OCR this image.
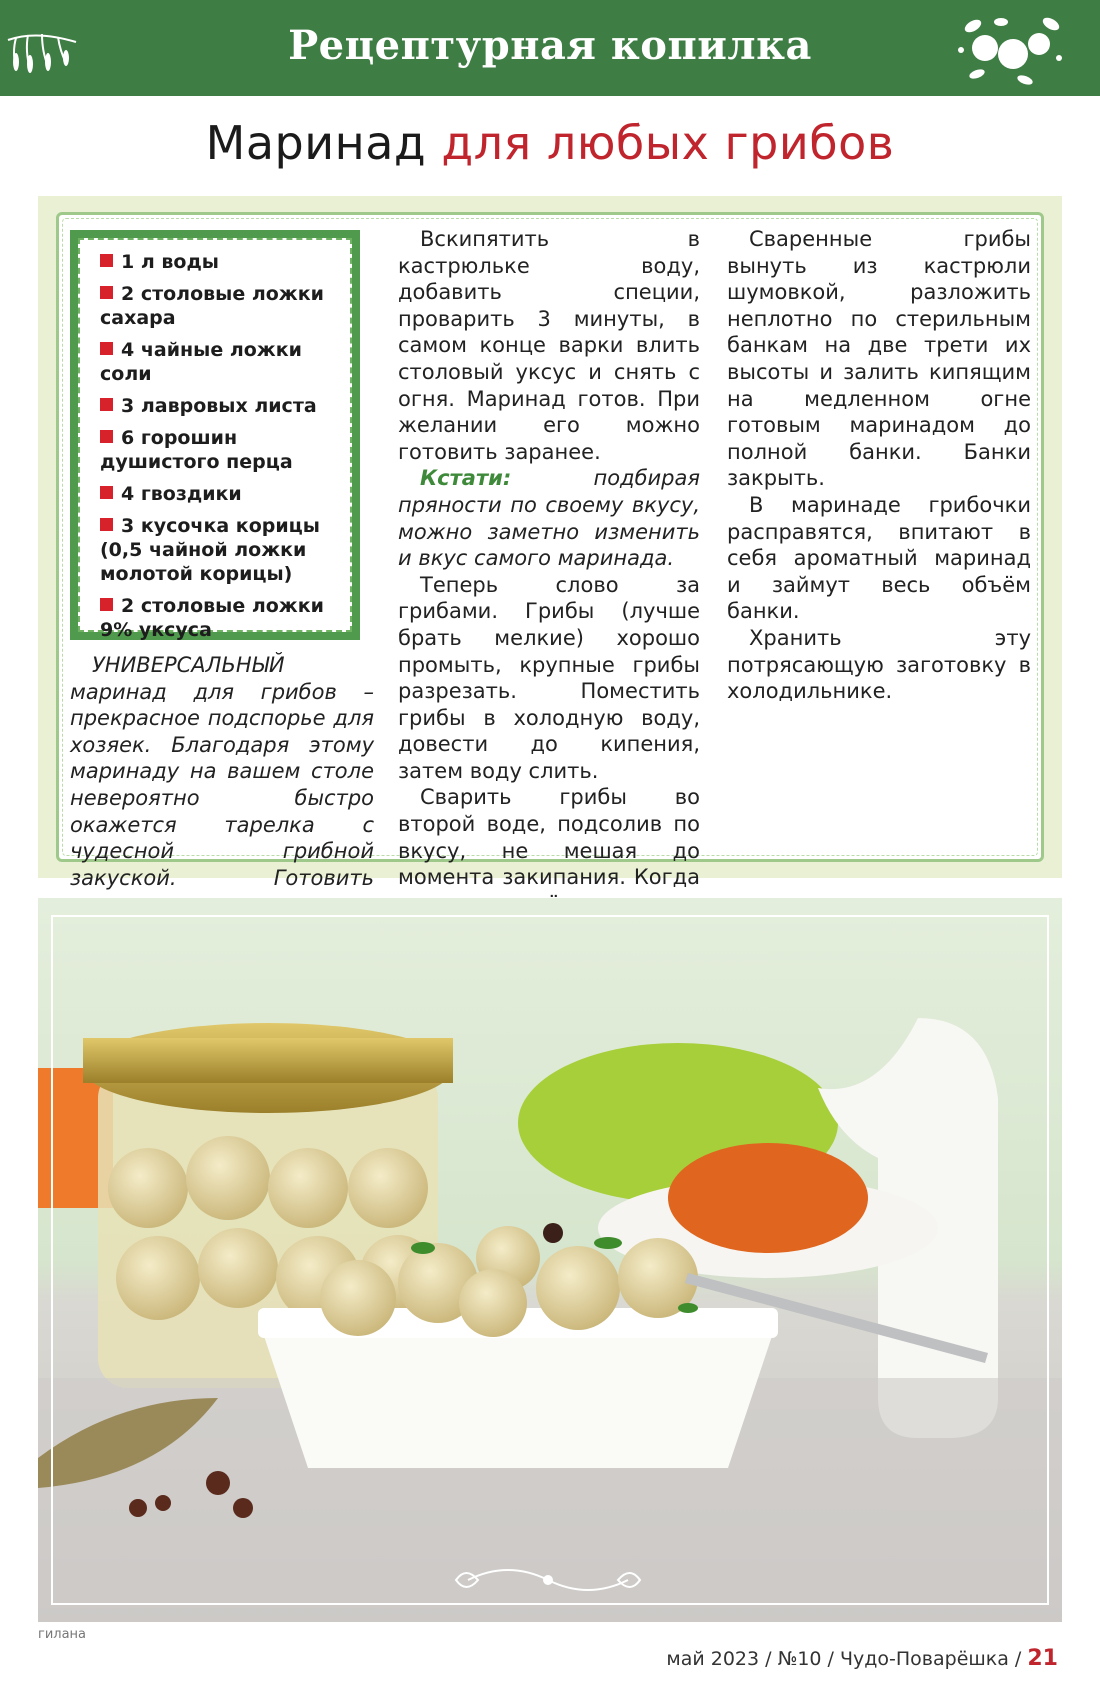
Рецептурная копилка
Маринад для любых грибов
1 л воды
2 столовые ложки сахара
4 чайные ложки соли
3 лавровых листа
6 горошин душистого перца
4 гвоздики
3 кусочка корицы (0,5 чайной ложки молотой корицы)
2 столовые ложки 9% уксуса

УНИВЕРСАЛЬНЫЙ маринад для грибов – прекрасное подспорье для хозяек. Благодаря этому маринаду на вашем столе невероятно быстро окажется тарелка с чудесной грибной закуской. Готовить

Вскипятить в кастрюльке воду, добавить специи, проварить 3 минуты, в самом конце варки влить столовый уксус и снять с огня. Маринад готов. При желании его можно готовить заранее.

Кстати:	подбирая пряности по своему вкусу, можно заметно изменить и вкус самого маринада.

Теперь слово за грибами. Грибы (лучше брать мелкие) хорошо промыть, крупные грибы разрезать. Поместить грибы в холодную воду, довести до кипения, затем воду слить.

Сварить грибы во второй воде, подсолив по вкусу, не мешая до момента закипания. Когда

Сваренные грибы вынуть из кастрюли шумовкой, разложить неплотно по стерильным банкам на две трети их высоты и залить кипящим на медленном огне готовым маринадом до полной банки. Банки закрыть.

В маринаде грибочки расправятся, впитают в себя ароматный маринад и займут весь объём банки.

Хранить эту потрясающую заготовку в холодильнике.

гилана
май 2023 / №10 / Чудо-Поварёшка / 21
